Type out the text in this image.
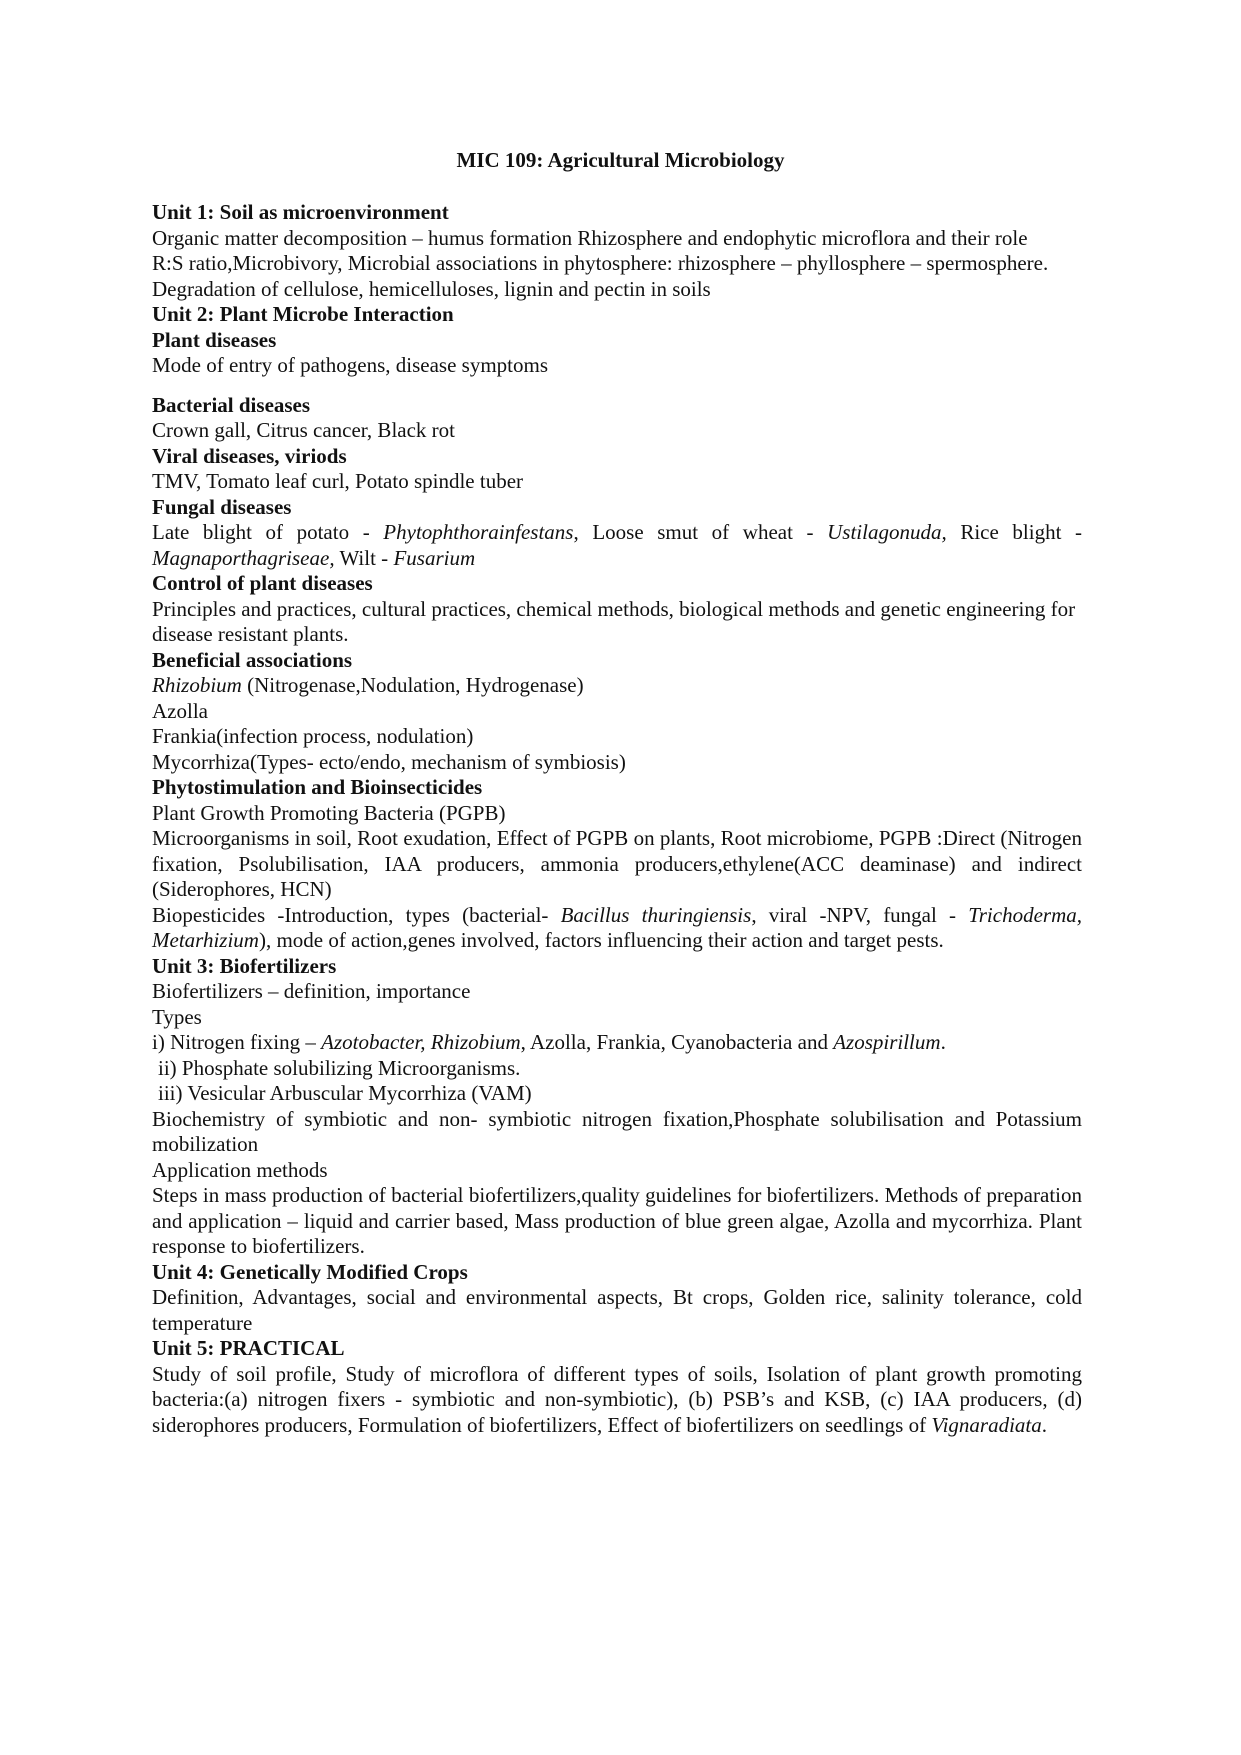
MIC 109: Agricultural Microbiology

Unit 1: Soil as microenvironment

Organic matter decomposition – humus formation Rhizosphere and endophytic microflora and their role

R:S ratio,Microbivory, Microbial associations in phytosphere: rhizosphere – phyllosphere – spermosphere.

Degradation of cellulose, hemicelluloses, lignin and pectin in soils

Unit 2: Plant Microbe Interaction

Plant diseases

Mode of entry of pathogens, disease symptoms

Bacterial diseases

Crown gall, Citrus cancer, Black rot

Viral diseases, viriods

TMV, Tomato leaf curl, Potato spindle tuber

Fungal diseases

Late blight of potato - Phytophthorainfestans, Loose smut of wheat - Ustilagonuda, Rice blight - Magnaporthagriseae, Wilt - Fusarium

Control of plant diseases

Principles and practices, cultural practices, chemical methods, biological methods and genetic engineering for disease resistant plants.

Beneficial associations

Rhizobium (Nitrogenase,Nodulation, Hydrogenase)

Azolla

Frankia(infection process, nodulation)

Mycorrhiza(Types- ecto/endo, mechanism of symbiosis)

Phytostimulation and Bioinsecticides

Plant Growth Promoting Bacteria (PGPB)

Microorganisms in soil, Root exudation, Effect of PGPB on plants, Root microbiome, PGPB :Direct (Nitrogen fixation, Psolubilisation, IAA producers, ammonia producers,ethylene(ACC deaminase) and indirect (Siderophores, HCN)

Biopesticides -Introduction, types (bacterial- Bacillus thuringiensis, viral -NPV, fungal - Trichoderma, Metarhizium), mode of action,genes involved, factors influencing their action and target pests.

Unit 3: Biofertilizers

Biofertilizers – definition, importance

Types

i) Nitrogen fixing – Azotobacter, Rhizobium, Azolla, Frankia, Cyanobacteria and Azospirillum.

ii) Phosphate solubilizing Microorganisms.

iii) Vesicular Arbuscular Mycorrhiza (VAM)

Biochemistry of symbiotic and non- symbiotic nitrogen fixation,Phosphate solubilisation and Potassium mobilization

Application methods

Steps in mass production of bacterial biofertilizers,quality guidelines for biofertilizers. Methods of preparation and application – liquid and carrier based, Mass production of blue green algae, Azolla and mycorrhiza. Plant response to biofertilizers.

Unit 4: Genetically Modified Crops

Definition, Advantages, social and environmental aspects, Bt crops, Golden rice, salinity tolerance, cold temperature

Unit 5: PRACTICAL

Study of soil profile, Study of microflora of different types of soils, Isolation of plant growth promoting bacteria:(a) nitrogen fixers - symbiotic and non-symbiotic), (b) PSB’s and KSB, (c) IAA producers, (d) siderophores producers, Formulation of biofertilizers, Effect of biofertilizers on seedlings of Vignaradiata.
